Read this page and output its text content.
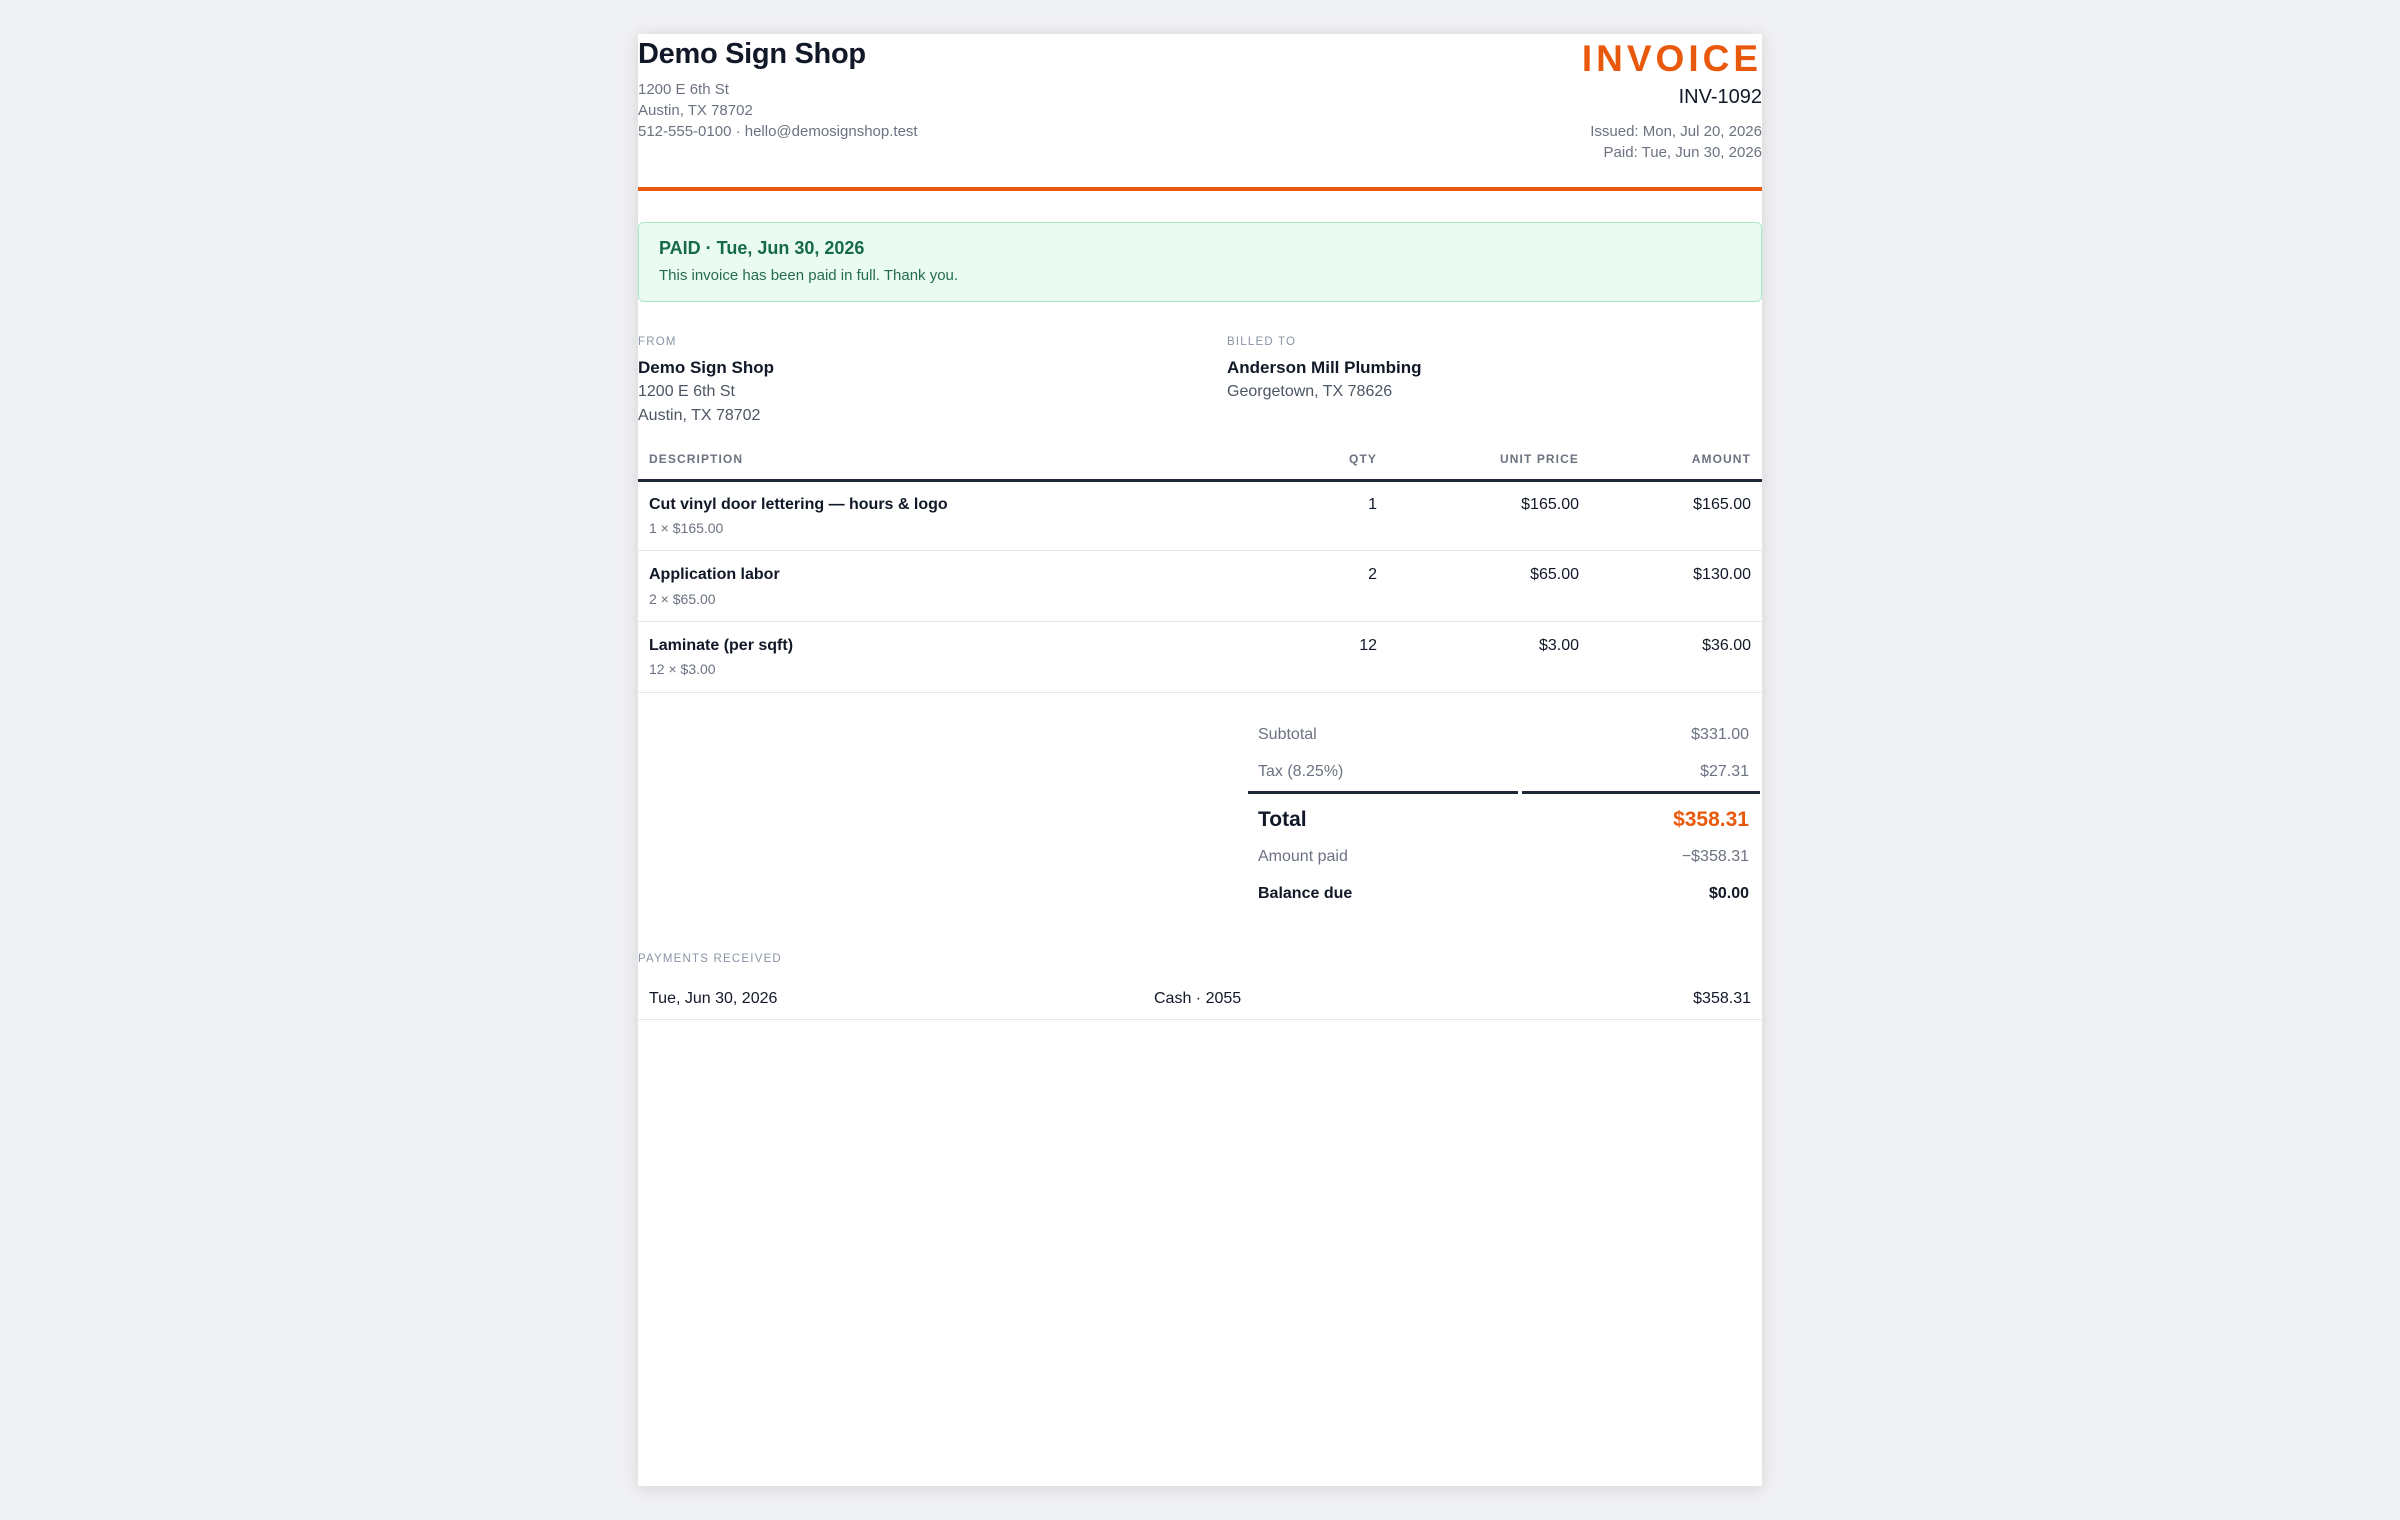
Demo Sign Shop
1200 E 6th St
Austin, TX 78702
512-555-0100 · hello@demosignshop.test
INVOICE
INV-1092
Issued: Mon, Jul 20, 2026
Paid: Tue, Jun 30, 2026
PAID · Tue, Jun 30, 2026
This invoice has been paid in full. Thank you.
FROM
Demo Sign Shop
1200 E 6th St
Austin, TX 78702
BILLED TO
Anderson Mill Plumbing
Georgetown, TX 78626
DESCRIPTION	QTY	UNIT PRICE	AMOUNT
Cut vinyl door lettering — hours & logo
1 × $165.00
1	$165.00	$165.00
Application labor
2 × $65.00
2	$65.00	$130.00
Laminate (per sqft)
12 × $3.00
12	$3.00	$36.00
Subtotal	$331.00
Tax (8.25%)	$27.31
Total	$358.31
Amount paid	−$358.31
Balance due	$0.00
PAYMENTS RECEIVED
Tue, Jun 30, 2026	Cash · 2055	$358.31
